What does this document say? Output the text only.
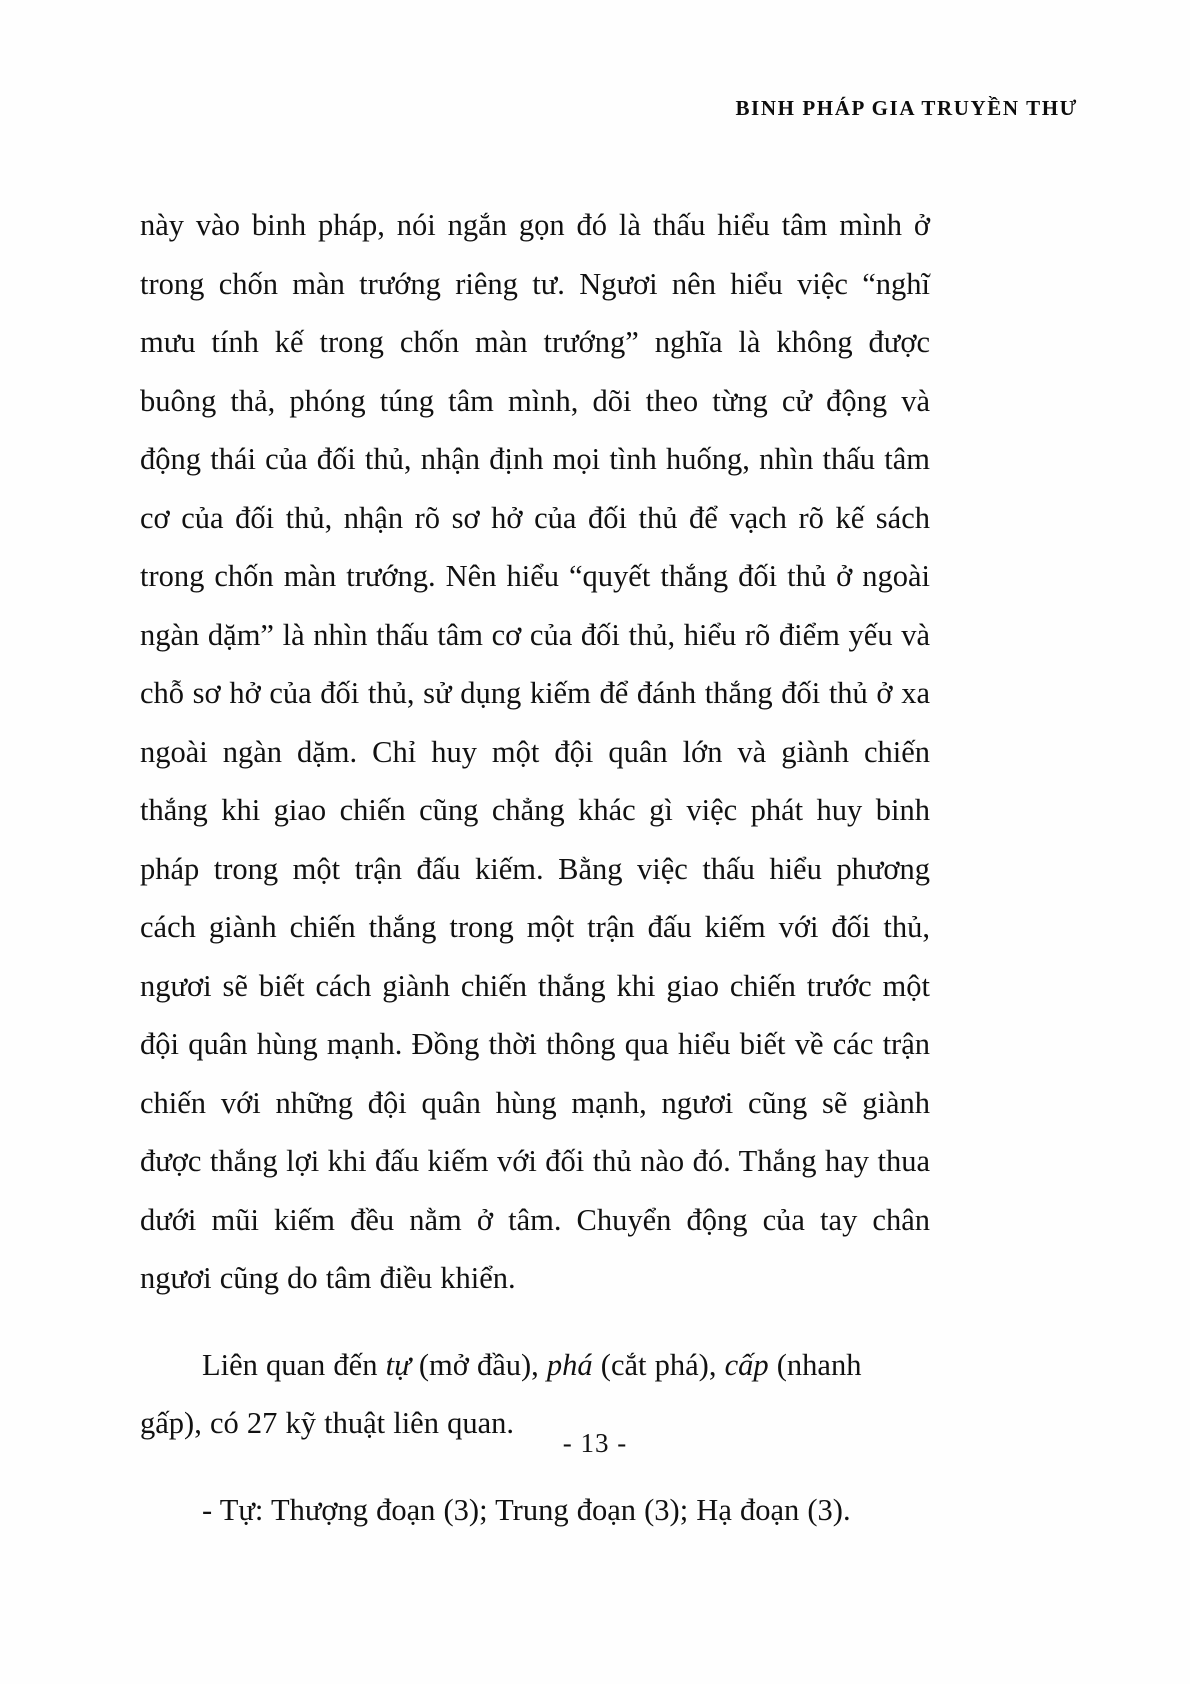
BINH PHÁP GIA TRUYỀN THƯ

này vào binh pháp, nói ngắn gọn đó là thấu hiểu tâm mình ở trong chốn màn trướng riêng tư. Ngươi nên hiểu việc “nghĩ mưu tính kế trong chốn màn trướng” nghĩa là không được buông thả, phóng túng tâm mình, dõi theo từng cử động và động thái của đối thủ, nhận định mọi tình huống, nhìn thấu tâm cơ của đối thủ, nhận rõ sơ hở của đối thủ để vạch rõ kế sách trong chốn màn trướng. Nên hiểu “quyết thắng đối thủ ở ngoài ngàn dặm” là nhìn thấu tâm cơ của đối thủ, hiểu rõ điểm yếu và chỗ sơ hở của đối thủ, sử dụng kiếm để đánh thắng đối thủ ở xa ngoài ngàn dặm. Chỉ huy một đội quân lớn và giành chiến thắng khi giao chiến cũng chẳng khác gì việc phát huy binh pháp trong một trận đấu kiếm. Bằng việc thấu hiểu phương cách giành chiến thắng trong một trận đấu kiếm với đối thủ, ngươi sẽ biết cách giành chiến thắng khi giao chiến trước một đội quân hùng mạnh. Đồng thời thông qua hiểu biết về các trận chiến với những đội quân hùng mạnh, ngươi cũng sẽ giành được thắng lợi khi đấu kiếm với đối thủ nào đó. Thắng hay thua dưới mũi kiếm đều nằm ở tâm. Chuyển động của tay chân ngươi cũng do tâm điều khiển.

Liên quan đến tự (mở đầu), phá (cắt phá), cấp (nhanh gấp), có 27 kỹ thuật liên quan.

- Tự: Thượng đoạn (3); Trung đoạn (3); Hạ đoạn (3).

- 13 -
